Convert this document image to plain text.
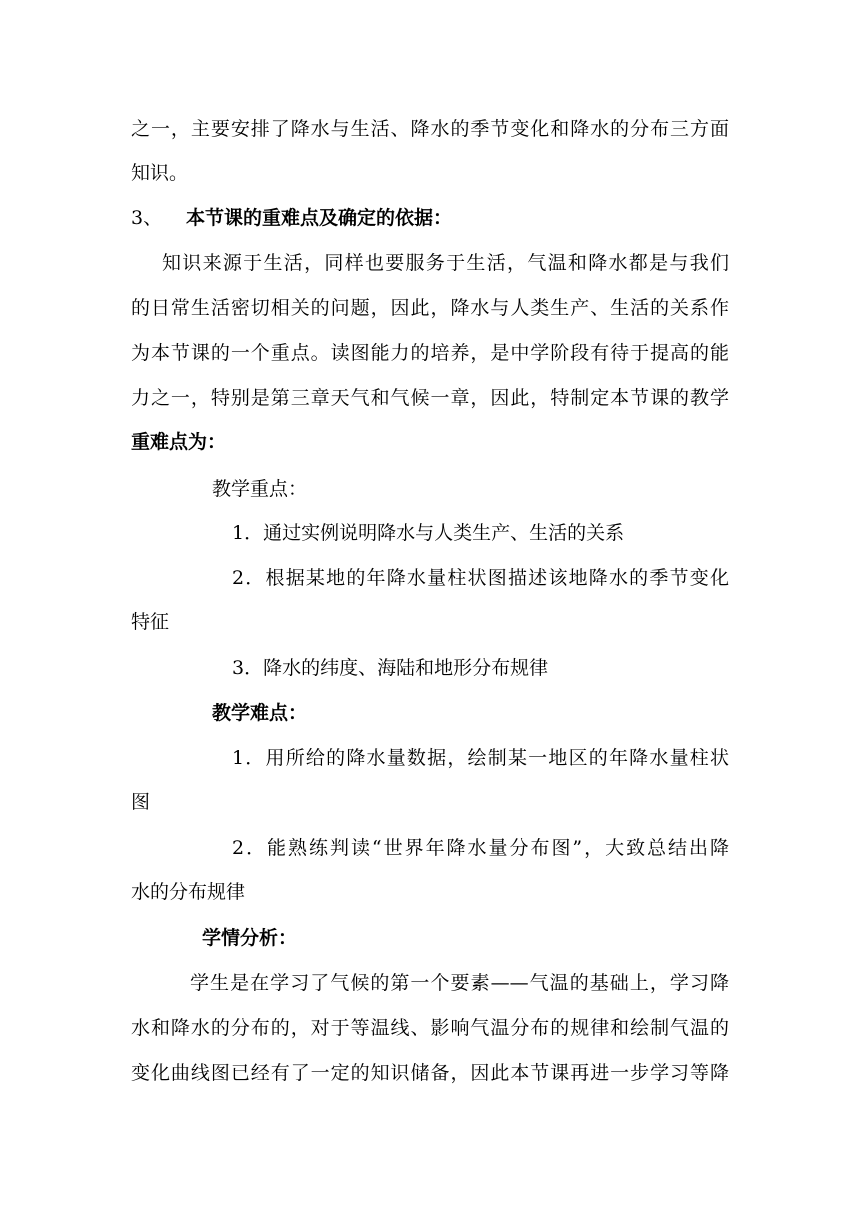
之一，主要安排了降水与生活、降水的季节变化和降水的分布三方面

知识。

3、 本节课的重难点及确定的依据：

知识来源于生活，同样也要服务于生活，气温和降水都是与我们

的日常生活密切相关的问题，因此，降水与人类生产、生活的关系作

为本节课的一个重点。读图能力的培养，是中学阶段有待于提高的能

力之一，特别是第三章天气和气候一章，因此，特制定本节课的教学

重难点为：

教学重点：

1．通过实例说明降水与人类生产、生活的关系

2．根据某地的年降水量柱状图描述该地降水的季节变化

特征

3．降水的纬度、海陆和地形分布规律

教学难点：

1．用所给的降水量数据，绘制某一地区的年降水量柱状

图

2．能熟练判读“世界年降水量分布图”，大致总结出降

水的分布规律

学情分析：

学生是在学习了气候的第一个要素——气温的基础上，学习降

水和降水的分布的，对于等温线、影响气温分布的规律和绘制气温的

变化曲线图已经有了一定的知识储备，因此本节课再进一步学习等降
